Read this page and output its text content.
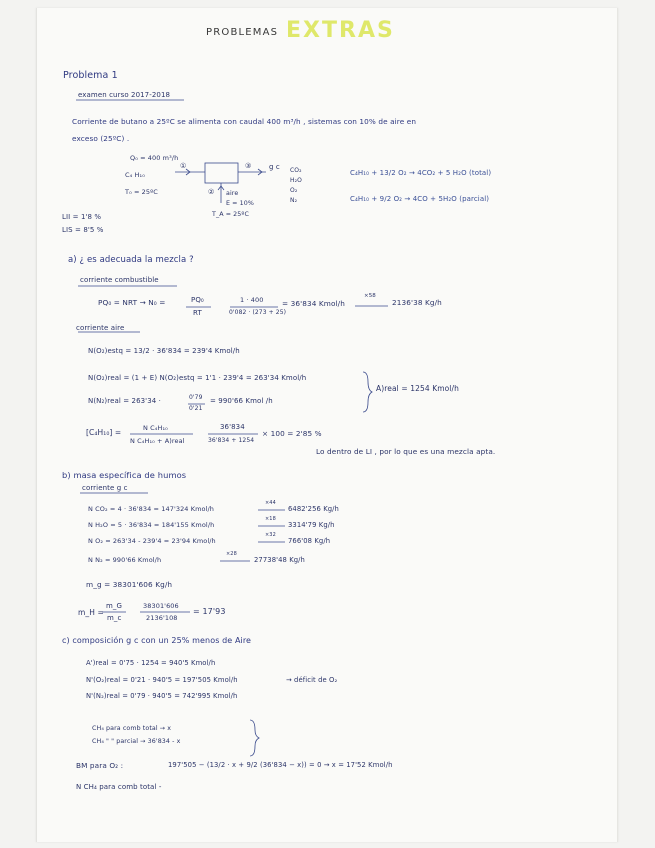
PROBLEMAS EXTRAS
Problema 1
examen curso 2017-2018
Corriente de butano a 25ºC se alimenta con caudal 400 m³/h , sistemas con 10% de aire en
exceso (25ºC) .
Q₀ = 400 m³/h
C₄ H₁₀
T₀ = 25ºC
①	③	g c
② aire
E = 10%
T_A = 25ºC
CO₂
H₂O
O₂
N₂
C₄H₁₀ + 13/2 O₂ → 4CO₂ + 5 H₂O (total)
C₄H₁₀ + 9/2 O₂ → 4CO + 5H₂O (parcial)
LII = 1'8 %
LIS = 8'5 %
a) ¿ es adecuada la mezcla ?
corriente combustible
PQ₀ = NRT → N₀ =	PQ₀
RT
1 · 400
0'082 · (273 + 25)
= 36'834 Kmol/h
×58
2136'38 Kg/h
corriente aire
N(O₂)estq = 13/2 · 36'834 = 239'4 Kmol/h
N(O₂)real = (1 + E) N(O₂)estq = 1'1 · 239'4 = 263'34 Kmol/h
A)real = 1254 Kmol/h
N(N₂)real = 263'34 ·	0'79
0'21
= 990'66 Kmol /h
[C₄H₁₀] =	N C₄H₁₀
N C₄H₁₀ + A)real
36'834
36'834 + 1254
× 100 = 2'85 %
Lo dentro de LI , por lo que es una mezcla apta.
b) masa específica de humos
corriente g c
N CO₂ = 4 · 36'834 = 147'324 Kmol/h
×44
6482'256 Kg/h
N H₂O = 5 · 36'834 = 184'155 Kmol/h
×18
3314'79 Kg/h
N O₂ = 263'34 - 239'4 = 23'94 Kmol/h
×32
766'08 Kg/h
N N₂ = 990'66 Kmol/h
×28
27738'48 Kg/h
m_g = 38301'606 Kg/h
m_H =
m_G
m_c
38301'606
2136'108
= 17'93
c) composición g c con un 25% menos de Aire
A')real = 0'75 · 1254 = 940'5 Kmol/h
N'(O₂)real = 0'21 · 940'5 = 197'505 Kmol/h	→ déficit de O₂
N'(N₂)real = 0'79 · 940'5 = 742'995 Kmol/h
CH₄ para comb total → x
CH₄ " " parcial → 36'834 - x
BM para O₂ :	197'505 − (13/2 · x + 9/2 (36'834 − x)) = 0 → x = 17'52 Kmol/h
N CH₄ para comb total -
